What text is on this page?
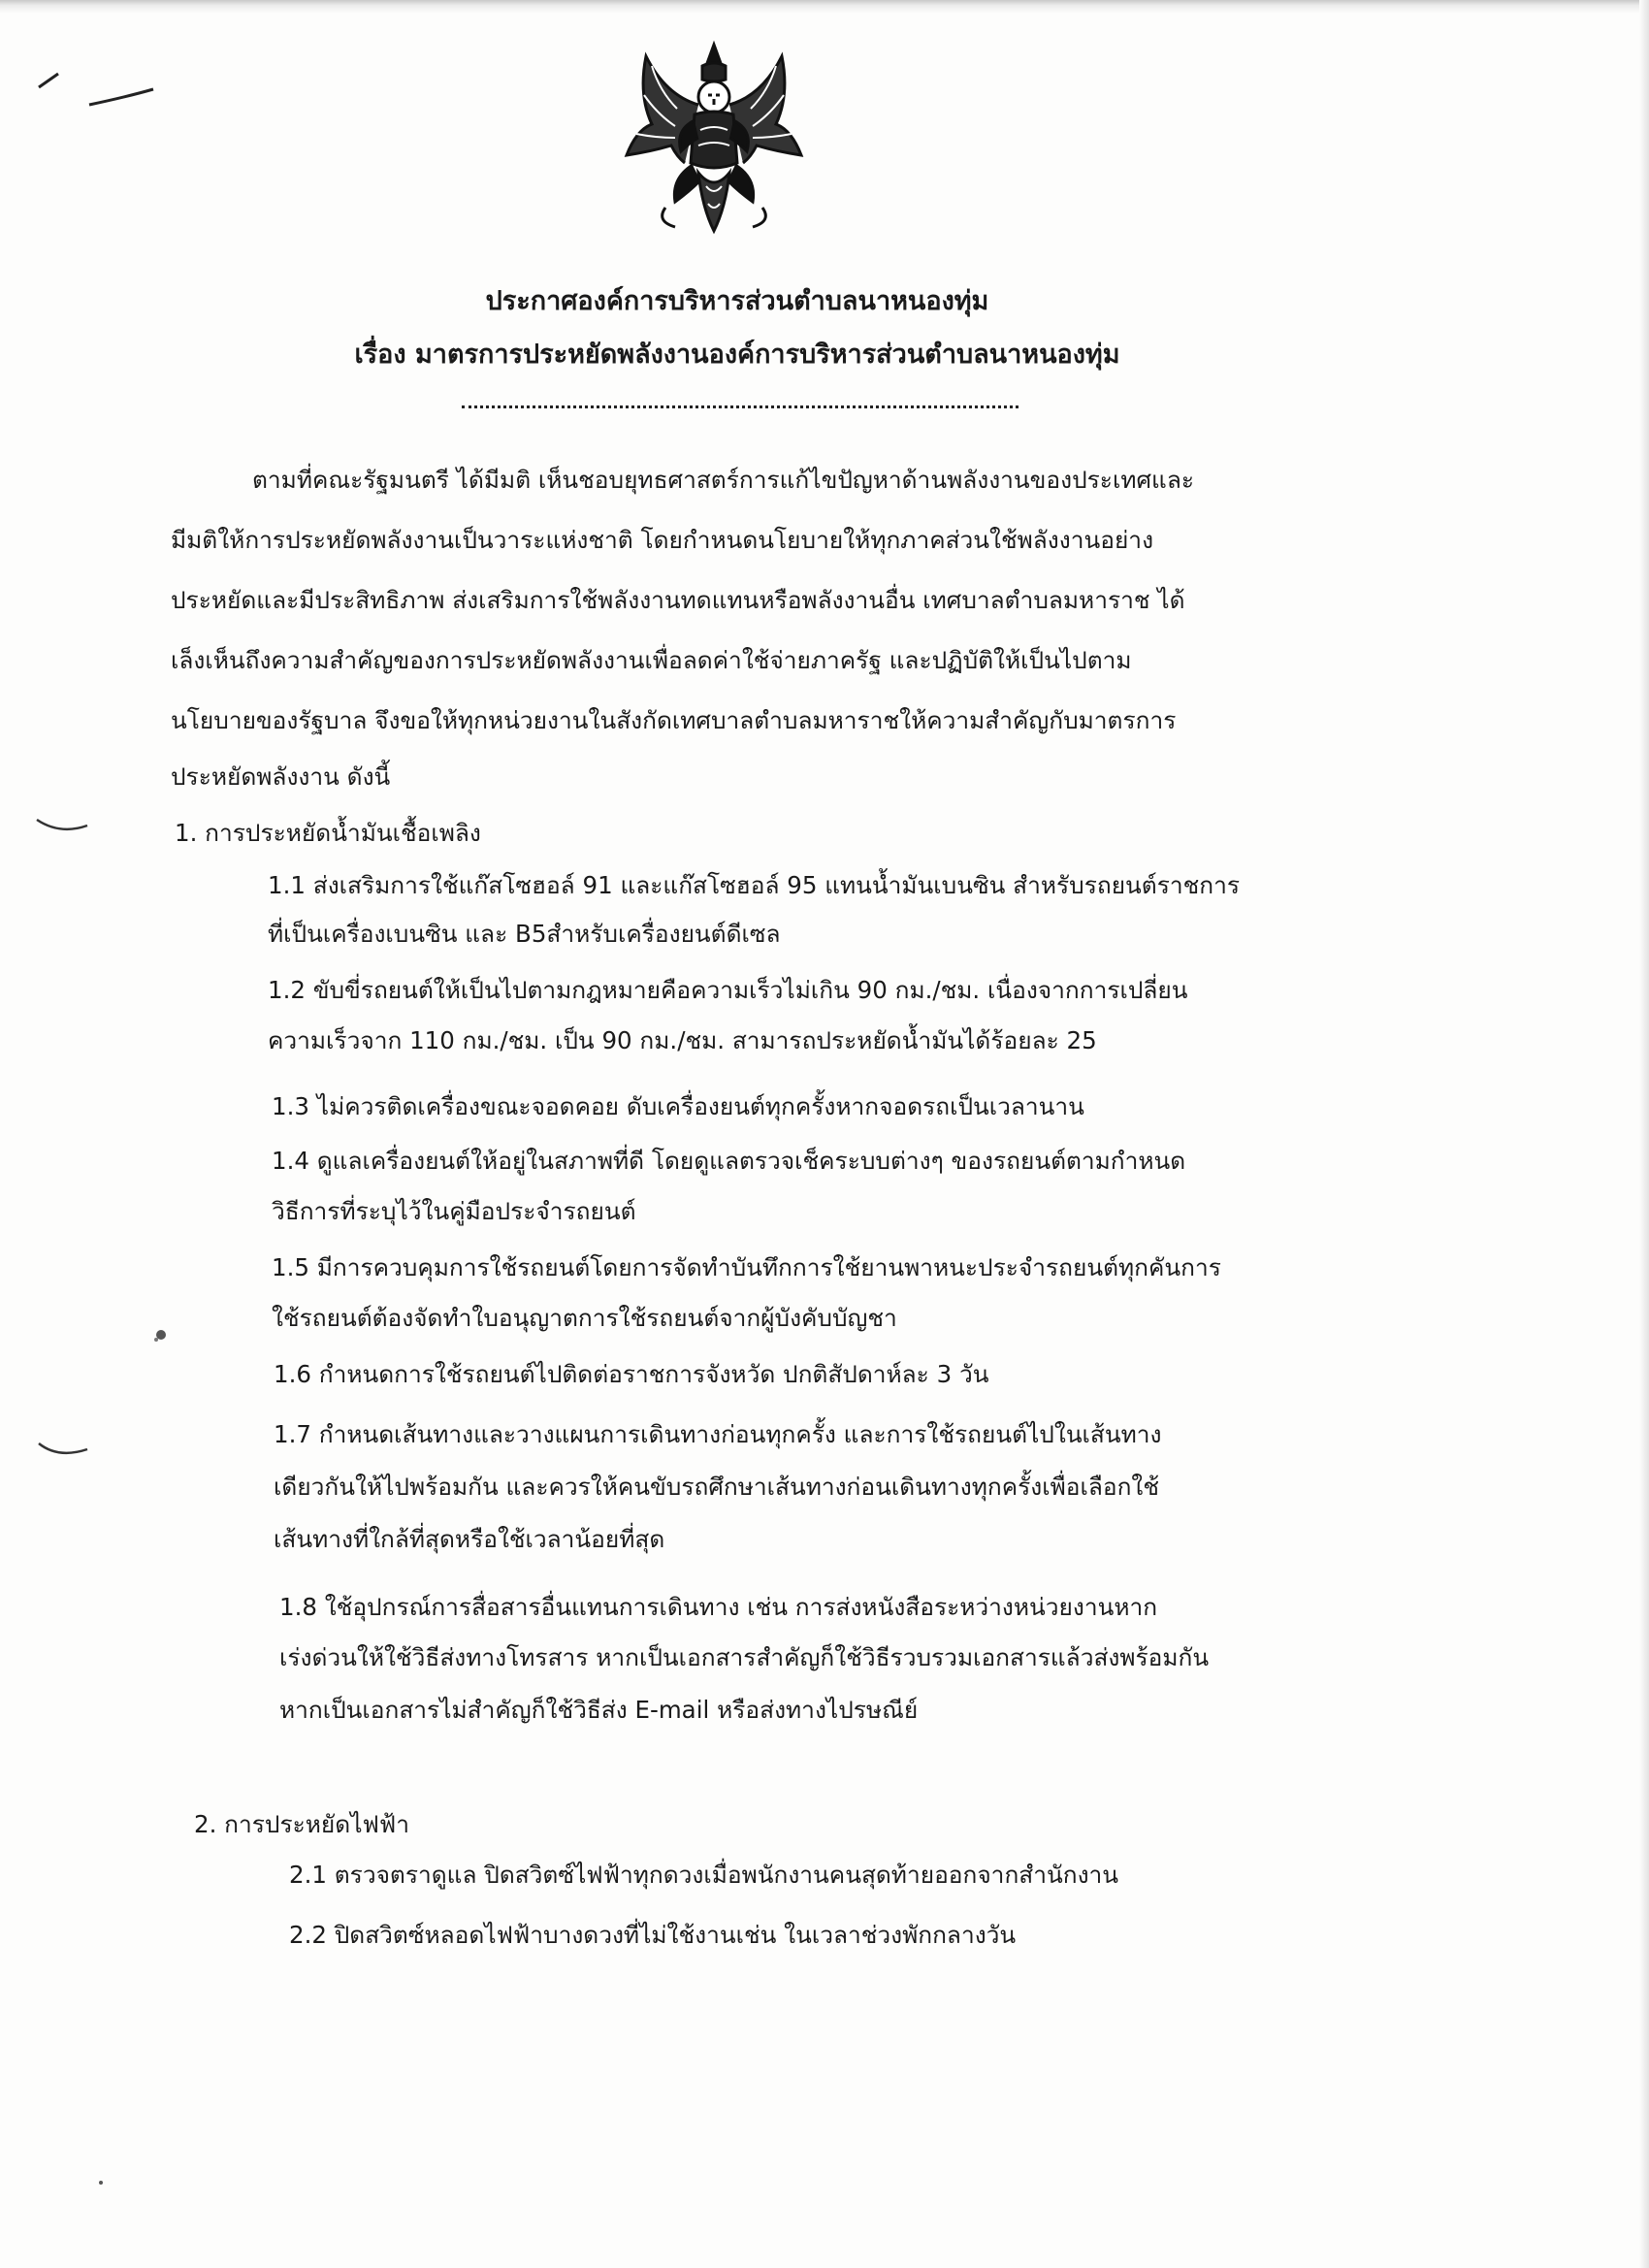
ประกาศองค์การบริหารส่วนตำบลนาหนองทุ่ม
เรื่อง มาตรการประหยัดพลังงานองค์การบริหารส่วนตำบลนาหนองทุ่ม
ตามที่คณะรัฐมนตรี ได้มีมติ เห็นชอบยุทธศาสตร์การแก้ไขปัญหาด้านพลังงานของประเทศและ
มีมติให้การประหยัดพลังงานเป็นวาระแห่งชาติ โดยกำหนดนโยบายให้ทุกภาคส่วนใช้พลังงานอย่าง
ประหยัดและมีประสิทธิภาพ ส่งเสริมการใช้พลังงานทดแทนหรือพลังงานอื่น เทศบาลตำบลมหาราช ได้
เล็งเห็นถึงความสำคัญของการประหยัดพลังงานเพื่อลดค่าใช้จ่ายภาครัฐ และปฏิบัติให้เป็นไปตาม
นโยบายของรัฐบาล จึงขอให้ทุกหน่วยงานในสังกัดเทศบาลตำบลมหาราชให้ความสำคัญกับมาตรการ
ประหยัดพลังงาน ดังนี้
1. การประหยัดน้ำมันเชื้อเพลิง
1.1 ส่งเสริมการใช้แก๊สโซฮอล์ 91 และแก๊สโซฮอล์ 95 แทนน้ำมันเบนซิน สำหรับรถยนต์ราชการ
ที่เป็นเครื่องเบนซิน และ B5สำหรับเครื่องยนต์ดีเซล
1.2 ขับขี่รถยนต์ให้เป็นไปตามกฎหมายคือความเร็วไม่เกิน 90 กม./ชม. เนื่องจากการเปลี่ยน
ความเร็วจาก 110 กม./ชม. เป็น 90 กม./ชม. สามารถประหยัดน้ำมันได้ร้อยละ 25
1.3 ไม่ควรติดเครื่องขณะจอดคอย ดับเครื่องยนต์ทุกครั้งหากจอดรถเป็นเวลานาน
1.4 ดูแลเครื่องยนต์ให้อยู่ในสภาพที่ดี โดยดูแลตรวจเช็คระบบต่างๆ ของรถยนต์ตามกำหนด
วิธีการที่ระบุไว้ในคู่มือประจำรถยนต์
1.5 มีการควบคุมการใช้รถยนต์โดยการจัดทำบันทึกการใช้ยานพาหนะประจำรถยนต์ทุกคันการ
ใช้รถยนต์ต้องจัดทำใบอนุญาตการใช้รถยนต์จากผู้บังคับบัญชา
1.6 กำหนดการใช้รถยนต์ไปติดต่อราชการจังหวัด ปกติสัปดาห์ละ 3 วัน
1.7 กำหนดเส้นทางและวางแผนการเดินทางก่อนทุกครั้ง และการใช้รถยนต์ไปในเส้นทาง
เดียวกันให้ไปพร้อมกัน และควรให้คนขับรถศึกษาเส้นทางก่อนเดินทางทุกครั้งเพื่อเลือกใช้
เส้นทางที่ใกล้ที่สุดหรือใช้เวลาน้อยที่สุด
1.8 ใช้อุปกรณ์การสื่อสารอื่นแทนการเดินทาง เช่น การส่งหนังสือระหว่างหน่วยงานหาก
เร่งด่วนให้ใช้วิธีส่งทางโทรสาร หากเป็นเอกสารสำคัญก็ใช้วิธีรวบรวมเอกสารแล้วส่งพร้อมกัน
หากเป็นเอกสารไม่สำคัญก็ใช้วิธีส่ง E-mail หรือส่งทางไปรษณีย์
2. การประหยัดไฟฟ้า
2.1 ตรวจตราดูแล ปิดสวิตซ์ไฟฟ้าทุกดวงเมื่อพนักงานคนสุดท้ายออกจากสำนักงาน
2.2 ปิดสวิตซ์หลอดไฟฟ้าบางดวงที่ไม่ใช้งานเช่น ในเวลาช่วงพักกลางวัน
